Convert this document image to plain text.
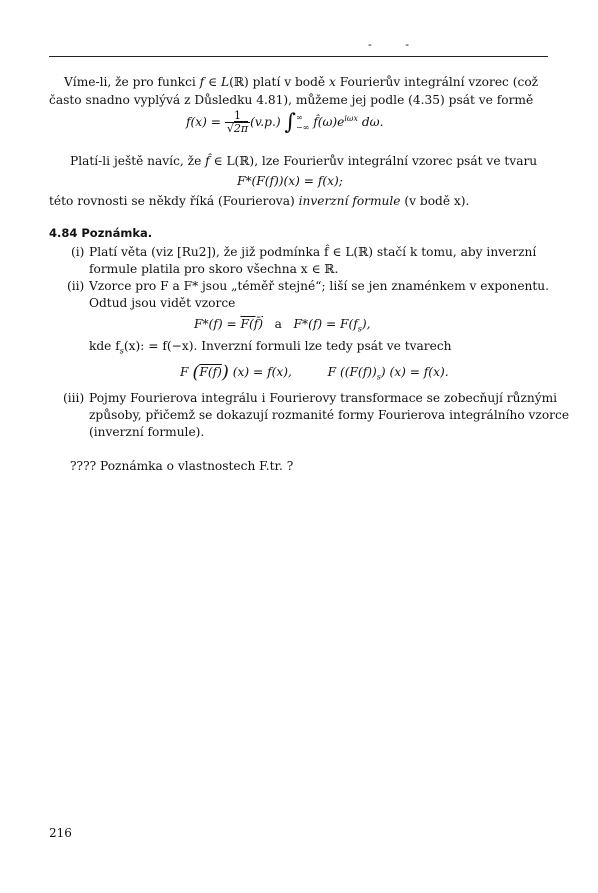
- -
Víme-li, že pro funkci f ∈ L(ℝ) platí v bodě x Fourierův integrální vzorec (což
často snadno vyplývá z Důsledku 4.81), můžeme jej podle (4.35) psát ve formě
$f(x) = \frac{1}{√2\pi} (v.p.)$ ∫ ∞
−∞ $f̂(\omega)e^{i\omega x}$ dω.
Platí-li ještě navíc, že f̂ ∈ L(ℝ), lze Fourierův integrální vzorec psát ve tvaru
F*(F(f))(x) = f(x);
této rovnosti se někdy říká (Fourierova) inverzní formule (v bodě x).
4.84 Poznámka.
(i) Platí věta (viz [Ru2]), že již podmínka f̂ ∈ L(ℝ) stačí k tomu, aby inverzní
formule platila pro skoro všechna x ∈ ℝ.
(ii) Vzorce pro F a F* jsou „téměř stejné“; liší se jen znaménkem v exponentu.
Odtud jsou vidět vzorce
F*(f) = F(f̄)   a   $F*(f) = F(f_s)$,
kde $f_s(x)$: = f(−x). Inverzní formuli lze tedy psát ve tvarech
F (F(f)) (x) = f(x),	F $((F(f))_s) (x) = f(x)$.
(iii) Pojmy Fourierova integrálu i Fourierovy transformace se zobecňují různými
způsoby, přičemž se dokazují rozmanité formy Fourierova integrálního vzorce
(inverzní formule).
???? Poznámka o vlastnostech F.tr. ?
216
